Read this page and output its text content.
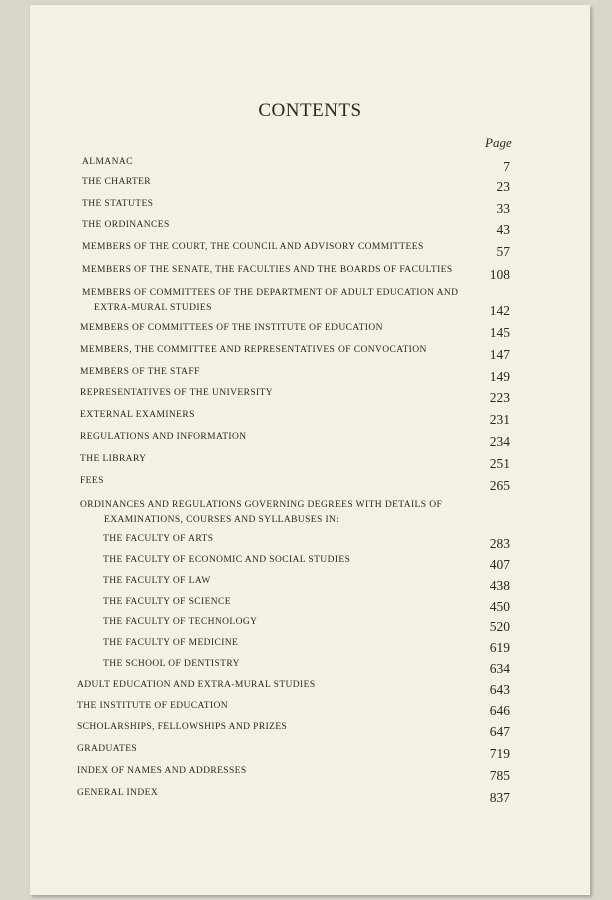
CONTENTS
Page
ALMANAC	7
THE CHARTER	23
THE STATUTES	33
THE ORDINANCES	43
MEMBERS OF THE COURT, THE COUNCIL AND ADVISORY COMMITTEES	57
MEMBERS OF THE SENATE, THE FACULTIES AND THE BOARDS OF FACULTIES	108
MEMBERS OF COMMITTEES OF THE DEPARTMENT OF ADULT EDUCATION AND EXTRA-MURAL STUDIES	142
MEMBERS OF COMMITTEES OF THE INSTITUTE OF EDUCATION	145
MEMBERS, THE COMMITTEE AND REPRESENTATIVES OF CONVOCATION	147
MEMBERS OF THE STAFF	149
REPRESENTATIVES OF THE UNIVERSITY	223
EXTERNAL EXAMINERS	231
REGULATIONS AND INFORMATION	234
THE LIBRARY	251
FEES	265
ORDINANCES AND REGULATIONS GOVERNING DEGREES WITH DETAILS OF EXAMINATIONS, COURSES AND SYLLABUSES IN:
THE FACULTY OF ARTS	283
THE FACULTY OF ECONOMIC AND SOCIAL STUDIES	407
THE FACULTY OF LAW	438
THE FACULTY OF SCIENCE	450
THE FACULTY OF TECHNOLOGY	520
THE FACULTY OF MEDICINE	619
THE SCHOOL OF DENTISTRY	634
ADULT EDUCATION AND EXTRA-MURAL STUDIES	643
THE INSTITUTE OF EDUCATION	646
SCHOLARSHIPS, FELLOWSHIPS AND PRIZES	647
GRADUATES	719
INDEX OF NAMES AND ADDRESSES	785
GENERAL INDEX	837
